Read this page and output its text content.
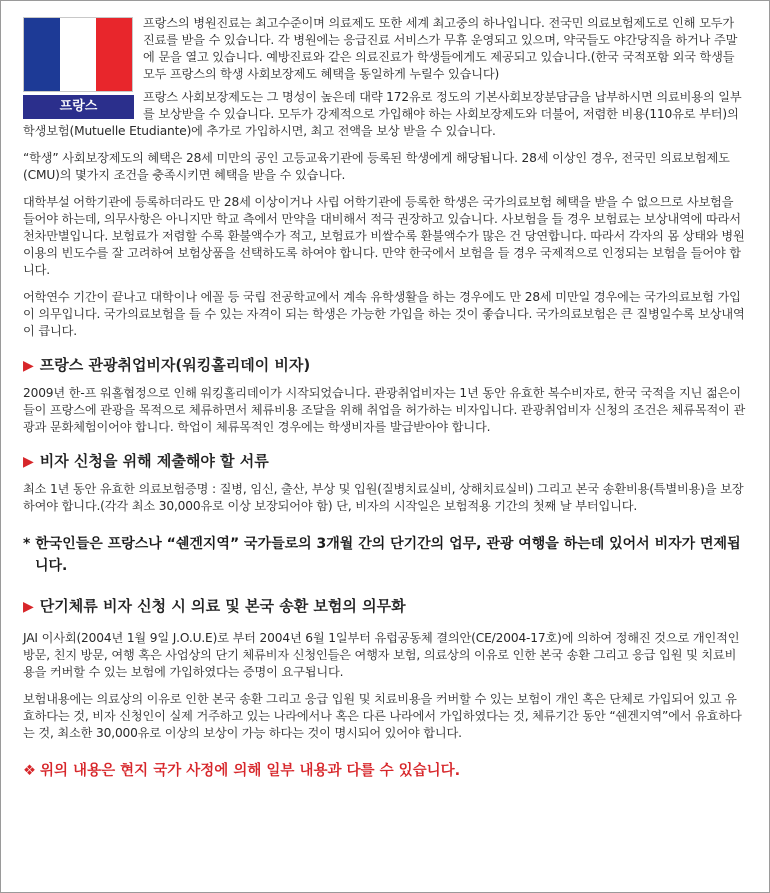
프랑스

프랑스의 병원진료는 최고수준이며 의료제도 또한 세계 최고중의 하나입니다. 전국민 의료보험제도로 인해 모두가 진료를 받을 수 있습니다. 각 병원에는 응급진료 서비스가 무휴 운영되고 있으며, 약국들도 야간당직을 하거나 주말에 문을 열고 있습니다. 예방진료와 같은 의료진료가 학생들에게도 제공되고 있습니다.(한국 국적포함 외국 학생들 모두 프랑스의 학생 사회보장제도 혜택을 동일하게 누릴수 있습니다)

프랑스 사회보장제도는 그 명성이 높은데 대략 172유로 정도의 기본사회보장분담금을 납부하시면 의료비용의 일부를 보상받을 수 있습니다. 모두가 강제적으로 가입해야 하는 사회보장제도와 더불어, 저렴한 비용(110유로 부터)의 학생보험(Mutuelle Etudiante)에 추가로 가입하시면, 최고 전액을 보상 받을 수 있습니다.

“학생” 사회보장제도의 혜택은 28세 미만의 공인 고등교육기관에 등록된 학생에게 해당됩니다. 28세 이상인 경우, 전국민 의료보험제도(CMU)의 몇가지 조건을 충족시키면 혜택을 받을 수 있습니다.

대학부설 어학기관에 등록하더라도 만 28세 이상이거나 사립 어학기관에 등록한 학생은 국가의료보험 혜택을 받을 수 없으므로 사보험을 들어야 하는데, 의무사항은 아니지만 학교 측에서 만약을 대비해서 적극 권장하고 있습니다. 사보험을 들 경우 보험료는 보상내역에 따라서 천차만별입니다. 보험료가 저렴할 수록 환불액수가 적고, 보험료가 비쌀수록 환불액수가 많은 건 당연합니다. 따라서 각자의 몸 상태와 병원이용의 빈도수를 잘 고려하여 보험상품을 선택하도록 하여야 합니다. 만약 한국에서 보험을 들 경우 국제적으로 인정되는 보험을 들어야 합니다.

어학연수 기간이 끝나고 대학이나 에꼴 등 국립 전공학교에서 계속 유학생활을 하는 경우에도 만 28세 미만일 경우에는 국가의료보험 가입이 의무입니다. 국가의료보험을 들 수 있는 자격이 되는 학생은 가능한 가입을 하는 것이 좋습니다. 국가의료보험은 큰 질병일수록 보상내역이 큽니다.

▶ 프랑스 관광취업비자(워킹홀리데이 비자)

2009년 한-프 워홀협정으로 인해 워킹홀리데이가 시작되었습니다. 관광취업비자는 1년 동안 유효한 복수비자로, 한국 국적을 지닌 젊은이들이 프랑스에 관광을 목적으로 체류하면서 체류비용 조달을 위해 취업을 허가하는 비자입니다. 관광취업비자 신청의 조건은 체류목적이 관광과 문화체험이어야 합니다. 학업이 체류목적인 경우에는 학생비자를 발급받아야 합니다.

▶ 비자 신청을 위해 제출해야 할 서류

최소 1년 동안 유효한 의료보험증명 : 질병, 임신, 출산, 부상 및 입원(질병치료실비, 상해치료실비) 그리고 본국 송환비용(특별비용)을 보장하여야 합니다.(각각 최소 30,000유로 이상 보장되어야 함) 단, 비자의 시작일은 보험적용 기간의 첫째 날 부터입니다.

* 한국인들은 프랑스나 “쉔겐지역” 국가들로의 3개월 간의 단기간의 업무, 관광 여행을 하는데 있어서 비자가 면제됩니다.
▶ 단기체류 비자 신청 시 의료 및 본국 송환 보험의 의무화

JAI 이사회(2004년 1월 9일 J.O.U.E)로 부터 2004년 6월 1일부터 유럽공동체 결의안(CE/2004-17호)에 의하여 정해진 것으로 개인적인 방문, 친지 방문, 여행 혹은 사업상의 단기 체류비자 신청인들은 여행자 보험, 의료상의 이유로 인한 본국 송환 그리고 응급 입원 및 치료비용을 커버할 수 있는 보험에 가입하였다는 증명이 요구됩니다.

보험내용에는 의료상의 이유로 인한 본국 송환 그리고 응급 입원 및 치료비용을 커버할 수 있는 보험이 개인 혹은 단체로 가입되어 있고 유효하다는 것, 비자 신청인이 실제 거주하고 있는 나라에서나 혹은 다른 나라에서 가입하였다는 것, 체류기간 동안 “쉔겐지역”에서 유효하다는 것, 최소한 30,000유로 이상의 보상이 가능 하다는 것이 명시되어 있어야 합니다.

❖ 위의 내용은 현지 국가 사정에 의해 일부 내용과 다를 수 있습니다.
